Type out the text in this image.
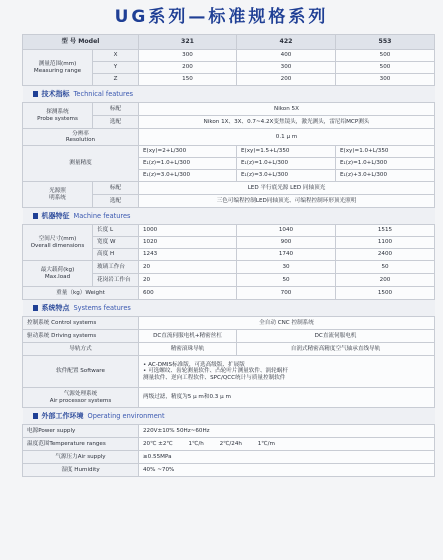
UG系列—标准规格系列
型 号 Model		321	422	553

测量范围(mm)
Measuring range	X	300	400	500
	Y	200	300	500
	Z	150	200	300
技术指标 Technical features				

探测系统
Probe systems	标配	Nikon 5X		
	选配	Nikon 1X、3X、0.7~4.2X变焦镜头，激光测头，雷尼绍MCP测头		

分辨率
Resolution		0.1 μ m		
测量精度		E(xy)=2+L/300	E(xy)=1.5+L/350	E(xy)=1.0+L/350
		E₁(z)=1.0+L/300	E₁(z)=1.0+L/300	E₁(z)=1.0+L/300
		E₁(z)=3.0+L/300	E₁(z)=3.0+L/300	E₁(z)+3.0+L/300

光源照
明系统	标配	LED 平行底光源 LED 同轴顶光		
	选配	三色可编程控制LED同轴顶光、可编程控制环形顶光照明		
机器特征 Machine features				

空间尺寸(mm)
Overall dimensions	长度 L	1000	1040	1515
	宽度 W	1020	900	1100
	高度 H	1243	1740	2400

最大载荷(kg)
Max.load	玻璃工作台	20	30	50
	花岗岩工作台	20	50	200
重量（kg）Weight		600	700	1500
系统特点 Systems features				
控制系统 Control systems		全自动 CNC 控制系统		
驱动系统 Driving systems		DC直流伺服电机+精密丝杠	DC直流伺服电机	
导轨方式		精密滚珠导轨	自润式精密高精度空气轴承直线导轨	
软件配置 Software		• AC-DMIS标准版，可选高级版、扩展版
• 可选螺纹、齿轮测量软件、凸轮叶片测量软件、涡轮蜗杆
测量软件、逆向工程软件、SPC/QCC统计与质量控制软件		

气源处理系统
Air processor systems		两级过滤，精度为5 μ m和0.3 μ m		
外部工作环境 Operating environment				
电源Power supply		220V±10% 50Hz~60Hz		
温度范围Temperature ranges		20℃ ±2℃ 1℃/h 2℃/24h 1℃/m		
气源压力Air supply		≥0.55MPa		
湿度 Humidity		40% ~70%		
